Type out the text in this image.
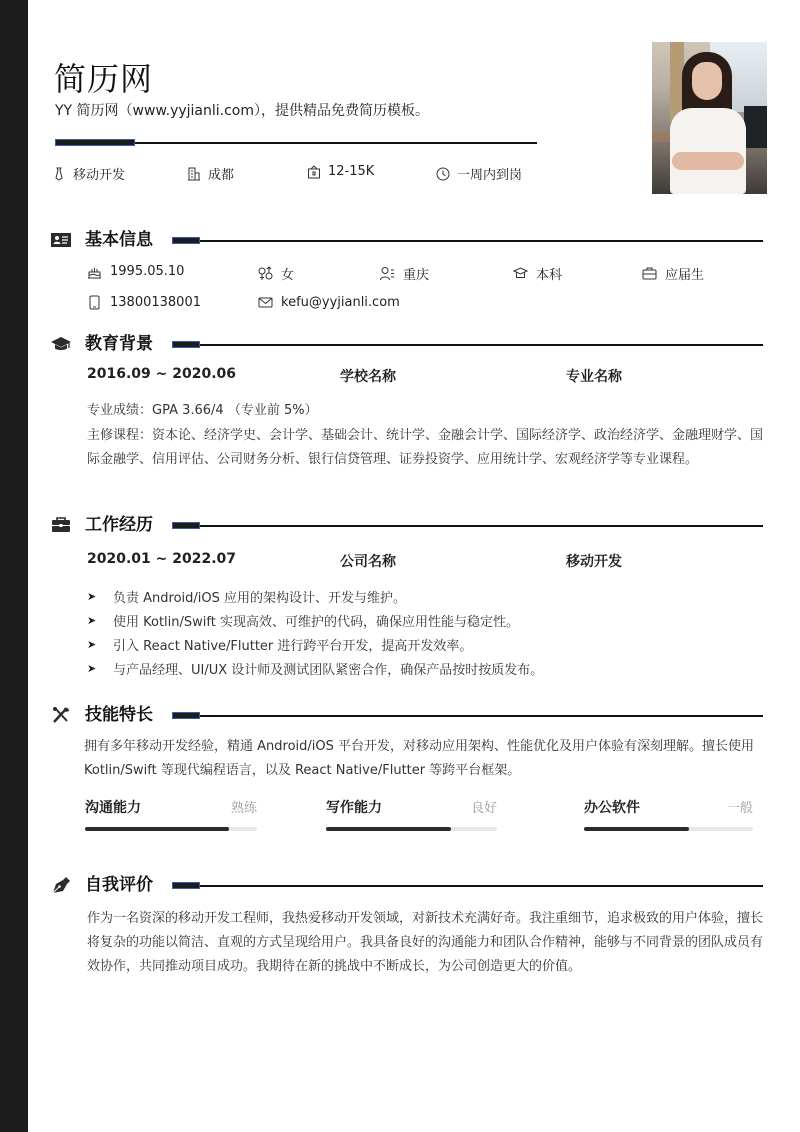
简历网
YY 简历网（www.yyjianli.com），提供精品免费简历模板。
移动开发	成都	12-15K	一周内到岗
基本信息
1995.05.10	女	重庆	本科	应届生
13800138001	kefu@yyjianli.com
教育背景
2016.09 ~ 2020.06	学校名称	专业名称
专业成绩：GPA 3.66/4 （专业前 5%）
主修课程：资本论、经济学史、会计学、基础会计、统计学、金融会计学、国际经济学、政治经济学、金融理财学、国际金融学、信用评估、公司财务分析、银行信贷管理、证券投资学、应用统计学、宏观经济学等专业课程。
工作经历
2020.01 ~ 2022.07	公司名称	移动开发
➤ 负责 Android/iOS 应用的架构设计、开发与维护。
➤ 使用 Kotlin/Swift 实现高效、可维护的代码，确保应用性能与稳定性。
➤ 引入 React Native/Flutter 进行跨平台开发，提高开发效率。
➤ 与产品经理、UI/UX 设计师及测试团队紧密合作，确保产品按时按质发布。
技能特长
拥有多年移动开发经验，精通 Android/iOS 平台开发，对移动应用架构、性能优化及用户体验有深刻理解。擅长使用 Kotlin/Swift 等现代编程语言，以及 React Native/Flutter 等跨平台框架。
沟通能力	熟练	写作能力	良好	办公软件	一般
自我评价
作为一名资深的移动开发工程师，我热爱移动开发领域，对新技术充满好奇。我注重细节，追求极致的用户体验，擅长将复杂的功能以简洁、直观的方式呈现给用户。我具备良好的沟通能力和团队合作精神，能够与不同背景的团队成员有效协作，共同推动项目成功。我期待在新的挑战中不断成长，为公司创造更大的价值。
